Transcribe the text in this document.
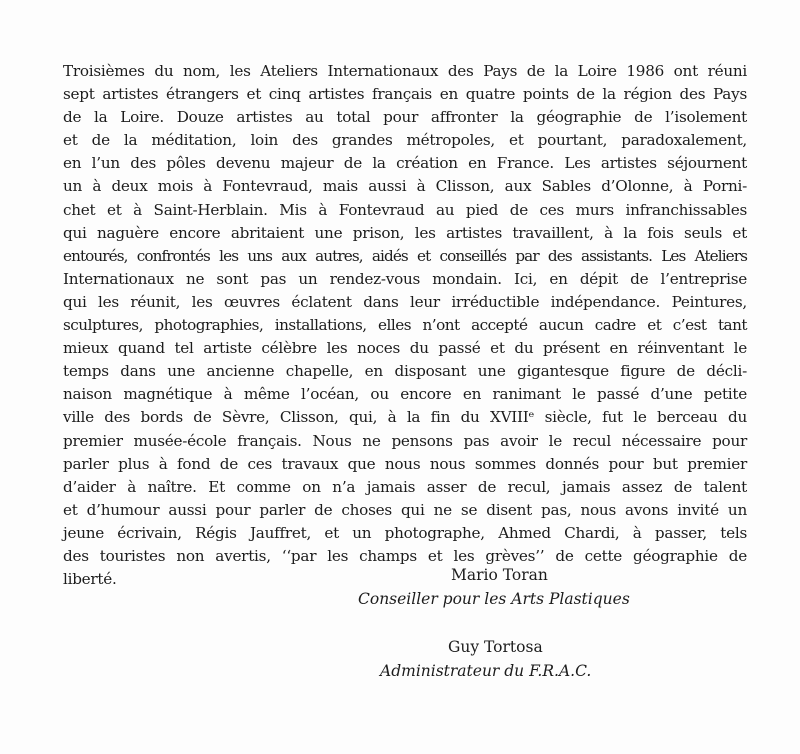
Troisièmes du nom, les Ateliers Internationaux des Pays de la Loire 1986 ont réuni
sept artistes étrangers et cinq artistes français en quatre points de la région des Pays
de la Loire. Douze artistes au total pour affronter la géographie de l’isolement
et de la méditation, loin des grandes métropoles, et pourtant, paradoxalement,
en l’un des pôles devenu majeur de la création en France. Les artistes séjournent
un à deux mois à Fontevraud, mais aussi à Clisson, aux Sables d’Olonne, à Porni-
chet et à Saint-Herblain. Mis à Fontevraud au pied de ces murs infranchissables
qui naguère encore abritaient une prison, les artistes travaillent, à la fois seuls et
entourés, confrontés les uns aux autres, aidés et conseillés par des assistants. Les Ateliers
Internationaux ne sont pas un rendez-vous mondain. Ici, en dépit de l’entreprise
qui les réunit, les œuvres éclatent dans leur irréductible indépendance. Peintures,
sculptures, photographies, installations, elles n’ont accepté aucun cadre et c’est tant
mieux quand tel artiste célèbre les noces du passé et du présent en réinventant le
temps dans une ancienne chapelle, en disposant une gigantesque figure de décli-
naison magnétique à même l’océan, ou encore en ranimant le passé d’une petite
ville des bords de Sèvre, Clisson, qui, à la fin du XVIIIᵉ siècle, fut le berceau du
premier musée-école français. Nous ne pensons pas avoir le recul nécessaire pour
parler plus à fond de ces travaux que nous nous sommes donnés pour but premier
d’aider à naître. Et comme on n’a jamais asser de recul, jamais assez de talent
et d’humour aussi pour parler de choses qui ne se disent pas, nous avons invité un
jeune écrivain, Régis Jauffret, et un photographe, Ahmed Chardi, à passer, tels
des touristes non avertis, ‘‘par les champs et les grèves’’ de cette géographie de
liberté.	Mario Toran
Conseiller pour les Arts Plastiques
Guy Tortosa
Administrateur du F.R.A.C.
